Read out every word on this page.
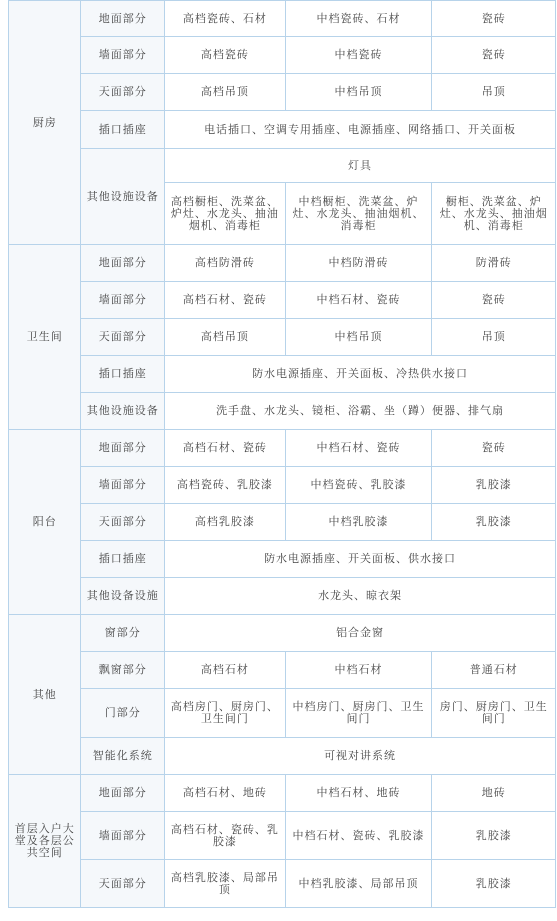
厨房	地面部分	高档瓷砖、石材	中档瓷砖、石材	瓷砖
	墙面部分	高档瓷砖	中档瓷砖	瓷砖
	天面部分	高档吊顶	中档吊顶	吊顶
	插口插座	电话插口、空调专用插座、电源插座、网络插口、开关面板		
	其他设施设备	灯具		
		高档橱柜、洗菜盆、炉灶、水龙头、抽油烟机、消毒柜	中档橱柜、洗菜盆、炉灶、水龙头、抽油烟机、消毒柜	橱柜、洗菜盆、炉灶、水龙头、抽油烟机、消毒柜
卫生间	地面部分	高档防滑砖	中档防滑砖	防滑砖
	墙面部分	高档石材、瓷砖	中档石材、瓷砖	瓷砖
	天面部分	高档吊顶	中档吊顶	吊顶
	插口插座	防水电源插座、开关面板、冷热供水接口		
	其他设施设备	洗手盘、水龙头、镜柜、浴霸、坐（蹲）便器、排气扇		
阳台	地面部分	高档石材、瓷砖	中档石材、瓷砖	瓷砖
	墙面部分	高档瓷砖、乳胶漆	中档瓷砖、乳胶漆	乳胶漆
	天面部分	高档乳胶漆	中档乳胶漆	乳胶漆
	插口插座	防水电源插座、开关面板、供水接口		
	其他设备设施	水龙头、晾衣架		
其他	窗部分	铝合金窗		
	飘窗部分	高档石材	中档石材	普通石材
	门部分	高档房门、厨房门、卫生间门	中档房门、厨房门、卫生间门	房门、厨房门、卫生间门
	智能化系统	可视对讲系统		
首层入户大堂及各层公共空间	地面部分	高档石材、地砖	中档石材、地砖	地砖
	墙面部分	高档石材、瓷砖、乳胶漆	中档石材、瓷砖、乳胶漆	乳胶漆
	天面部分	高档乳胶漆、局部吊顶	中档乳胶漆、局部吊顶	乳胶漆
